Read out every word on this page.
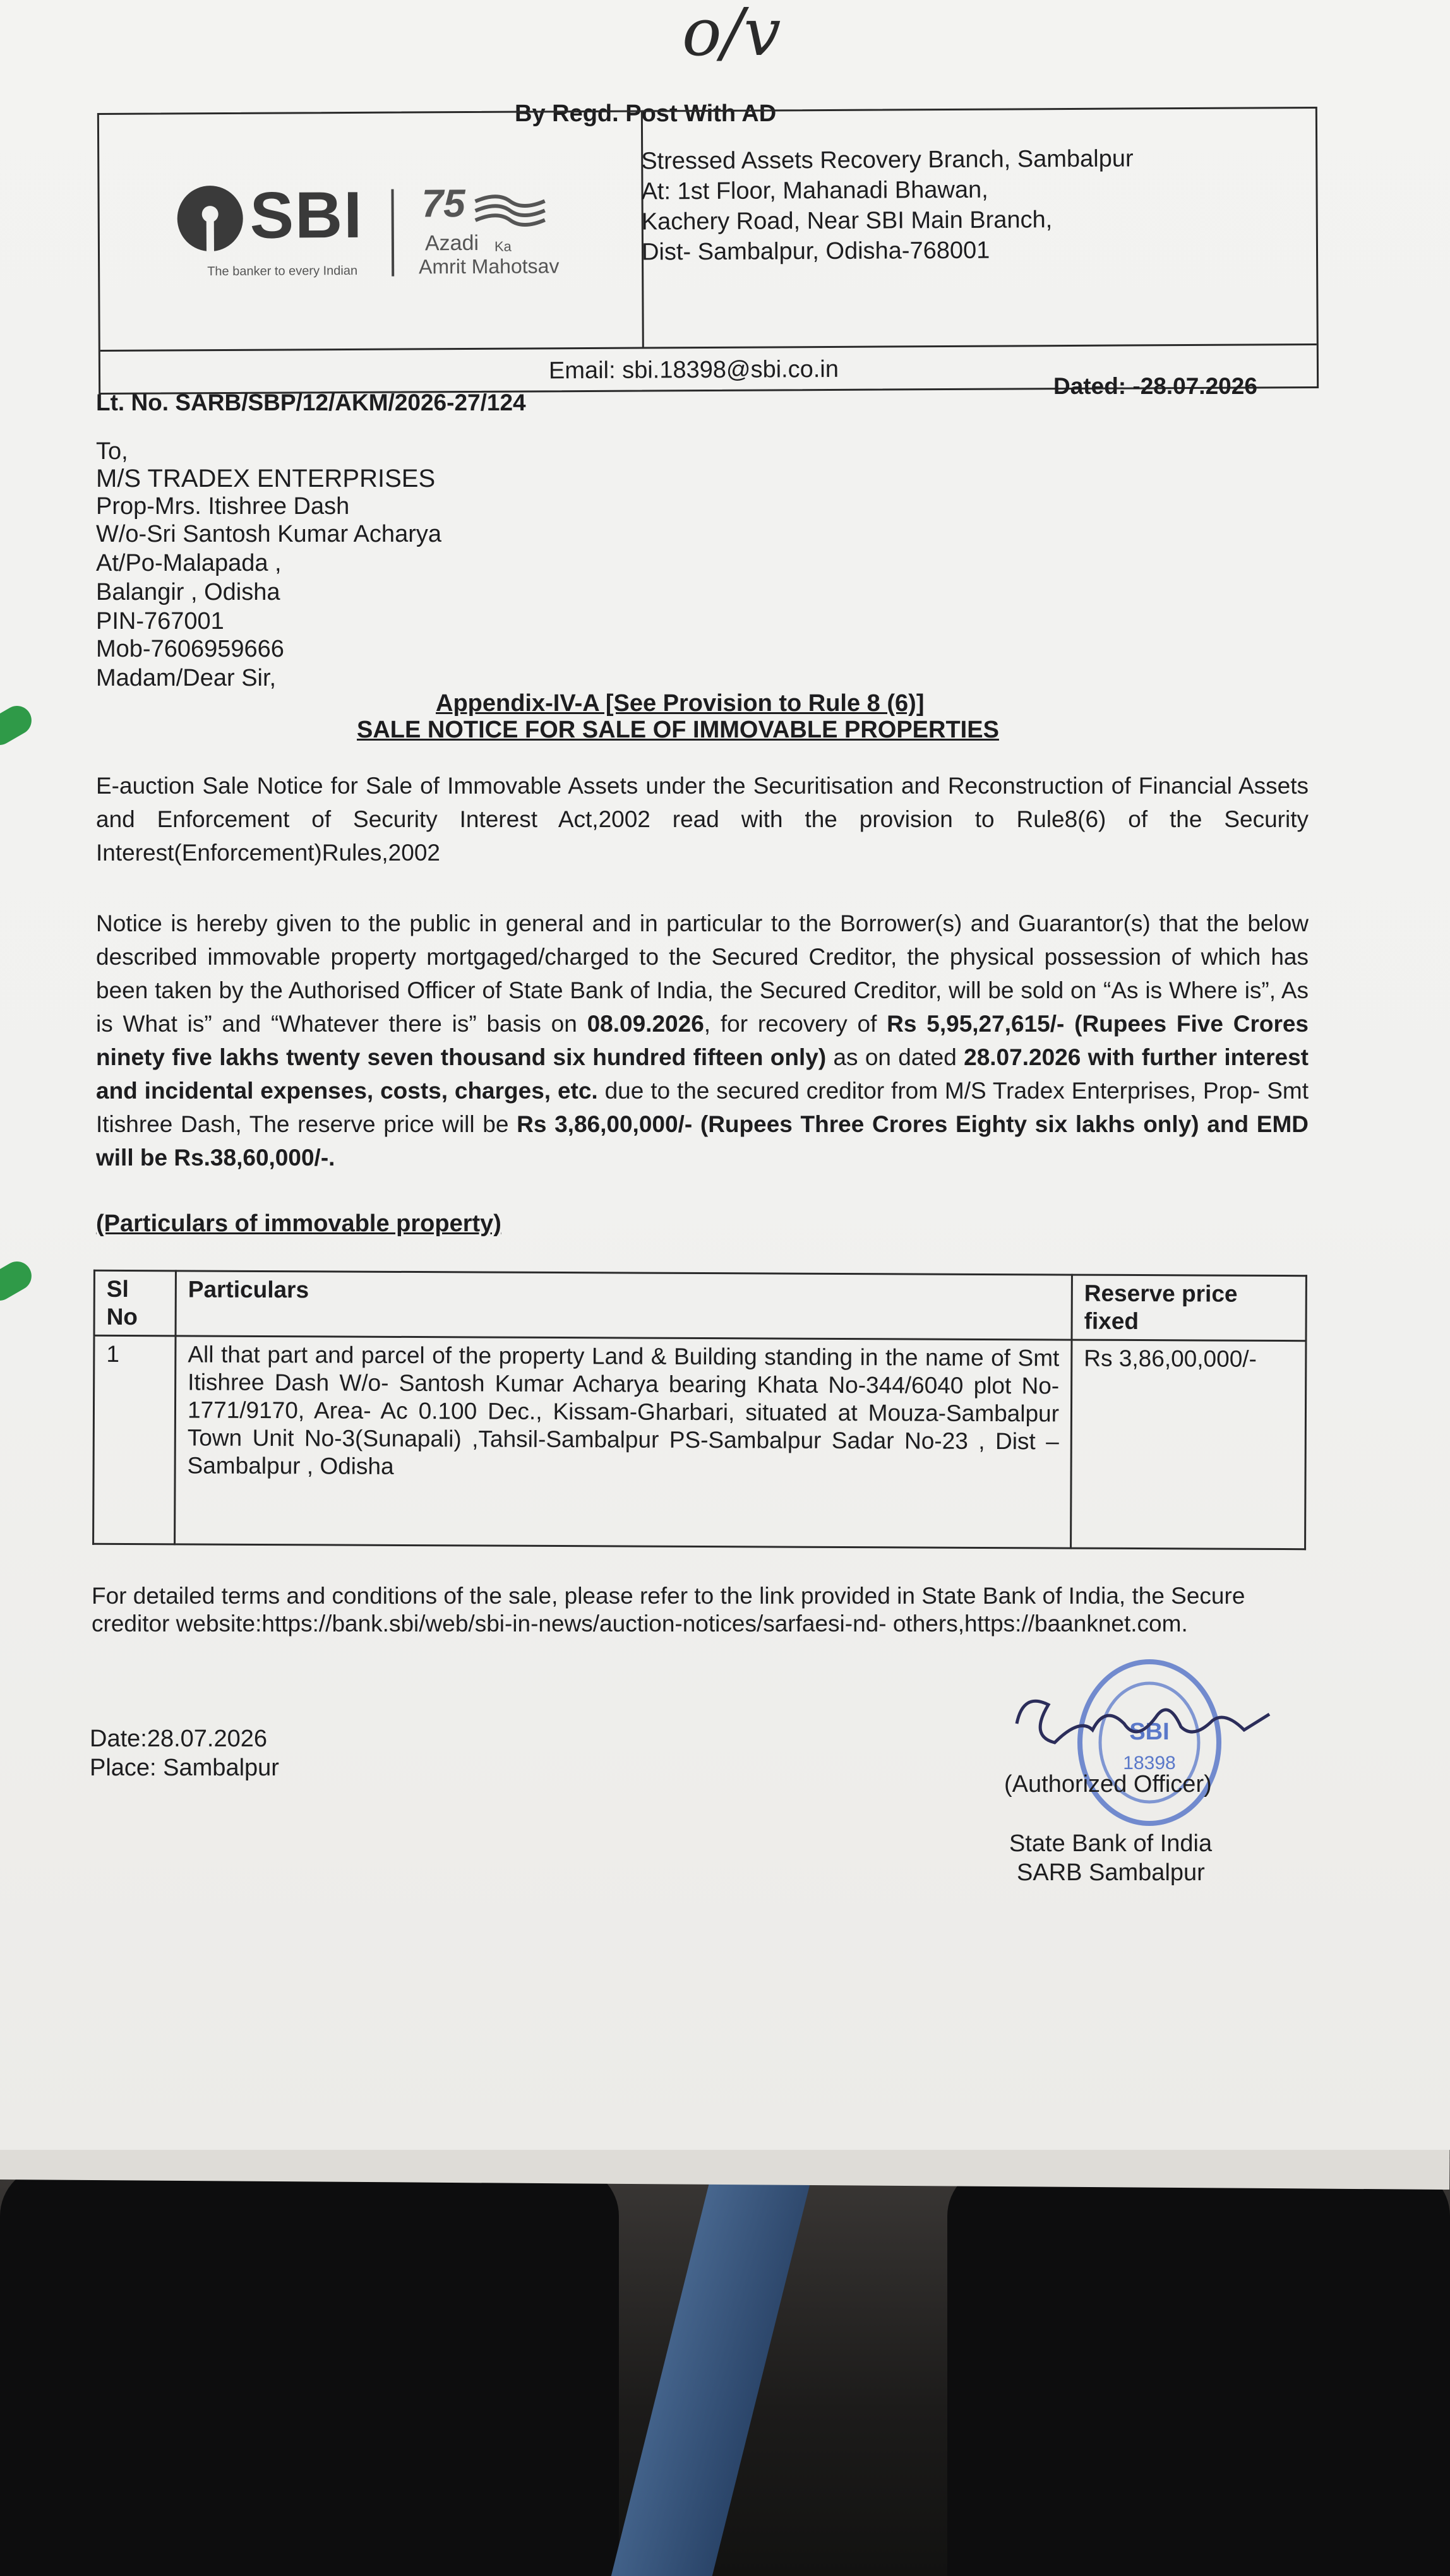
o/v
By Regd. Post With AD
SBI
The banker to every Indian
75
Azadi Ka
Amrit Mahotsav
Stressed Assets Recovery Branch, Sambalpur
At: 1st Floor, Mahanadi Bhawan,
Kachery Road, Near SBI Main Branch,
Dist- Sambalpur, Odisha-768001
Email: sbi.18398@sbi.co.in
Lt. No. SARB/SBP/12/AKM/2026-27/124
Dated: -28.07.2026
To,
M/S TRADEX ENTERPRISES
Prop-Mrs. Itishree Dash
W/o-Sri Santosh Kumar Acharya
At/Po-Malapada ,
Balangir , Odisha
PIN-767001
Mob-7606959666
Madam/Dear Sir,
Appendix-IV-A [See Provision to Rule 8 (6)]
SALE NOTICE FOR SALE OF IMMOVABLE PROPERTIES
E-auction Sale Notice for Sale of Immovable Assets under the Securitisation and Reconstruction of Financial Assets and Enforcement of Security Interest Act,2002 read with the provision to Rule8(6) of the Security Interest(Enforcement)Rules,2002
Notice is hereby given to the public in general and in particular to the Borrower(s) and Guarantor(s) that the below described immovable property mortgaged/charged to the Secured Creditor, the physical possession of which has been taken by the Authorised Officer of State Bank of India, the Secured Creditor, will be sold on “As is Where is”, As is What is” and “Whatever there is” basis on 08.09.2026, for recovery of Rs 5,95,27,615/- (Rupees Five Crores ninety five lakhs twenty seven thousand six hundred fifteen only) as on dated 28.07.2026 with further interest and incidental expenses, costs, charges, etc. due to the secured creditor from M/S Tradex Enterprises, Prop- Smt Itishree Dash, The reserve price will be Rs 3,86,00,000/- (Rupees Three Crores Eighty six lakhs only) and EMD will be Rs.38,60,000/-.
(Particulars of immovable property)
Sl No	Particulars	Reserve price fixed
1	All that part and parcel of the property Land & Building standing in the name of Smt Itishree Dash W/o- Santosh Kumar Acharya bearing Khata No-344/6040 plot No-1771/9170, Area- Ac 0.100 Dec., Kissam-Gharbari, situated at Mouza-Sambalpur Town Unit No-3(Sunapali) ,Tahsil-Sambalpur PS-Sambalpur Sadar No-23 , Dist – Sambalpur , Odisha	Rs 3,86,00,000/-
For detailed terms and conditions of the sale, please refer to the link provided in State Bank of India, the Secure
creditor website:https://bank.sbi/web/sbi-in-news/auction-notices/sarfaesi-nd- others,https://baanknet.com.
Date:28.07.2026
Place: Sambalpur
SBI
18398
(Authorized Officer)
State Bank of India
SARB Sambalpur
